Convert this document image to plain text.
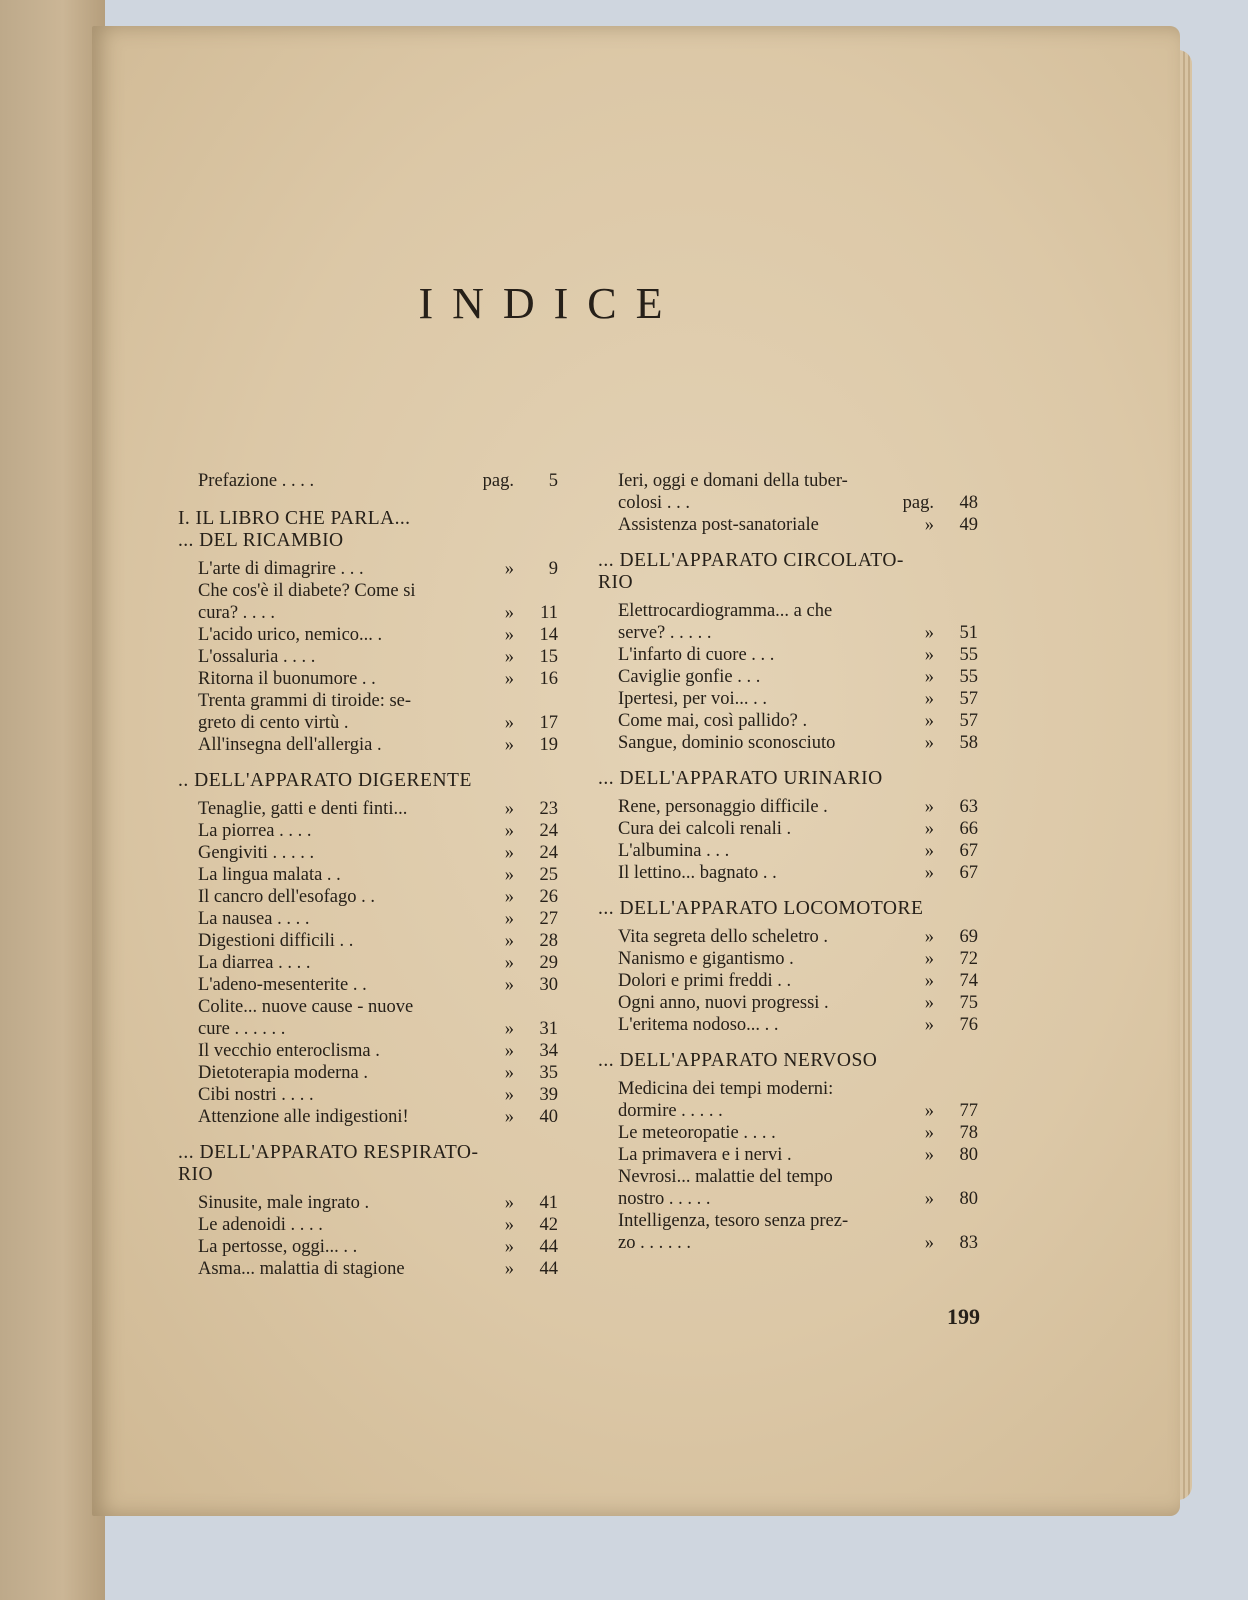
INDICE
Prefazione . . . .	pag.	5
I. IL LIBRO CHE PARLA...
... DEL RICAMBIO
L'arte di dimagrire . . .	»	9
Che cos'è il diabete? Come si
cura? . . . .	»	11
L'acido urico, nemico... .	»	14
L'ossaluria . . . .	»	15
Ritorna il buonumore . .	»	16
Trenta grammi di tiroide: se-
greto di cento virtù .	»	17
All'insegna dell'allergia .	»	19
.. DELL'APPARATO DIGERENTE
Tenaglie, gatti e denti finti...	»	23
La piorrea . . . .	»	24
Gengiviti . . . . .	»	24
La lingua malata . .	»	25
Il cancro dell'esofago . .	»	26
La nausea . . . .	»	27
Digestioni difficili . .	»	28
La diarrea . . . .	»	29
L'adeno-mesenterite . .	»	30
Colite... nuove cause - nuove
cure . . . . . .	»	31
Il vecchio enteroclisma .	»	34
Dietoterapia moderna .	»	35
Cibi nostri . . . .	»	39
Attenzione alle indigestioni!	»	40
... DELL'APPARATO RESPIRATO-
RIO
Sinusite, male ingrato .	»	41
Le adenoidi . . . .	»	42
La pertosse, oggi... . .	»	44
Asma... malattia di stagione	»	44
Ieri, oggi e domani della tuber-
colosi . . .	pag.	48
Assistenza post-sanatoriale	»	49
... DELL'APPARATO CIRCOLATO-
RIO
Elettrocardiogramma... a che
serve? . . . . .	»	51
L'infarto di cuore . . .	»	55
Caviglie gonfie . . .	»	55
Ipertesi, per voi... . .	»	57
Come mai, così pallido? .	»	57
Sangue, dominio sconosciuto	»	58
... DELL'APPARATO URINARIO
Rene, personaggio difficile .	»	63
Cura dei calcoli renali .	»	66
L'albumina . . .	»	67
Il lettino... bagnato . .	»	67
... DELL'APPARATO LOCOMOTORE
Vita segreta dello scheletro .	»	69
Nanismo e gigantismo .	»	72
Dolori e primi freddi . .	»	74
Ogni anno, nuovi progressi .	»	75
L'eritema nodoso... . .	»	76
... DELL'APPARATO NERVOSO
Medicina dei tempi moderni:
dormire . . . . .	»	77
Le meteoropatie . . . .	»	78
La primavera e i nervi .	»	80
Nevrosi... malattie del tempo
nostro . . . . .	»	80
Intelligenza, tesoro senza prez-
zo . . . . . .	»	83
199
